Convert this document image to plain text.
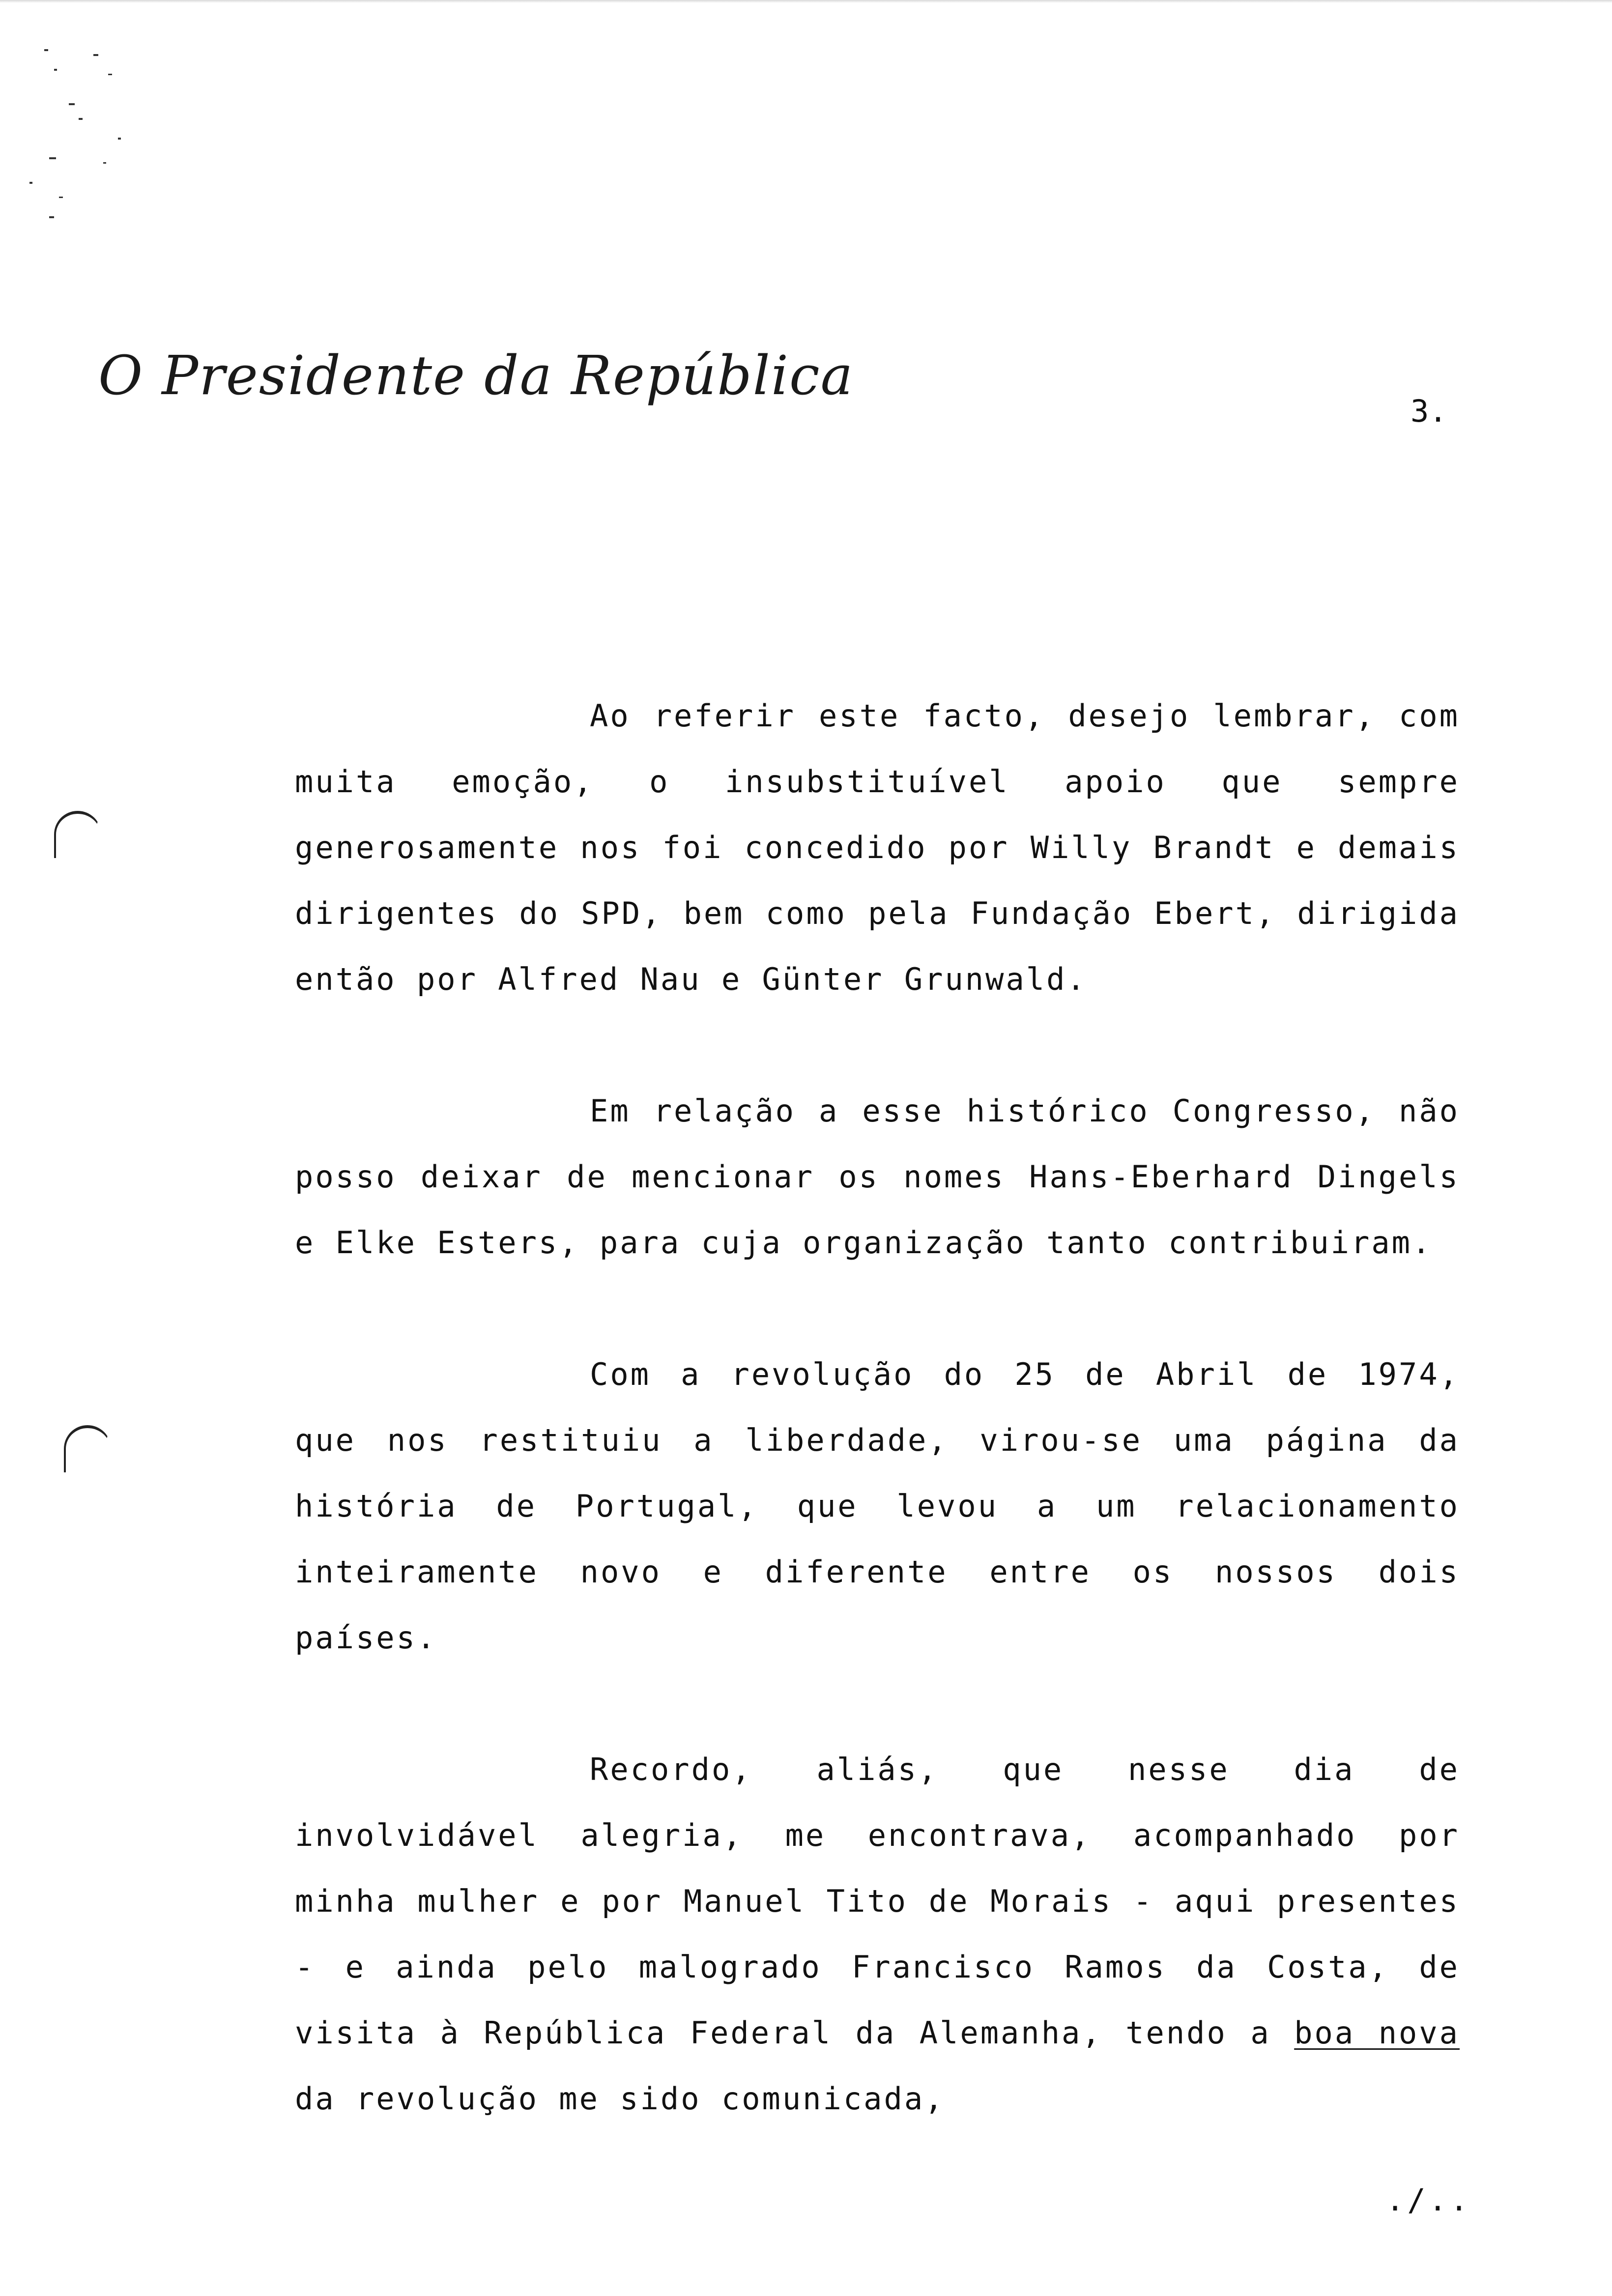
O Presidente da República
3.

Ao referir este facto, desejo lembrar, com muita emoção, o insubstituível apoio que sempre generosamente nos foi concedido por Willy Brandt e demais dirigentes do SPD, bem como pela Fundação Ebert, dirigida então por Alfred Nau e Günter Grunwald.

Em relação a esse histórico Congresso, não posso deixar de mencionar os nomes Hans-Eberhard Dingels e Elke Esters, para cuja organização tanto contribuiram.

Com a revolução do 25 de Abril de 1974, que nos restituiu a liberdade, virou-se uma página da história de Portugal, que levou a um relacionamento inteiramente novo e diferente entre os nossos dois países.

Recordo, aliás, que nesse dia de involvidável alegria, me encontrava, acompanhado por minha mulher e por Manuel Tito de Morais - aqui presentes - e ainda pelo malogrado Francisco Ramos da Costa, de visita à República Federal da Alemanha, tendo a boa nova da revolução me sido comunicada,

./..
